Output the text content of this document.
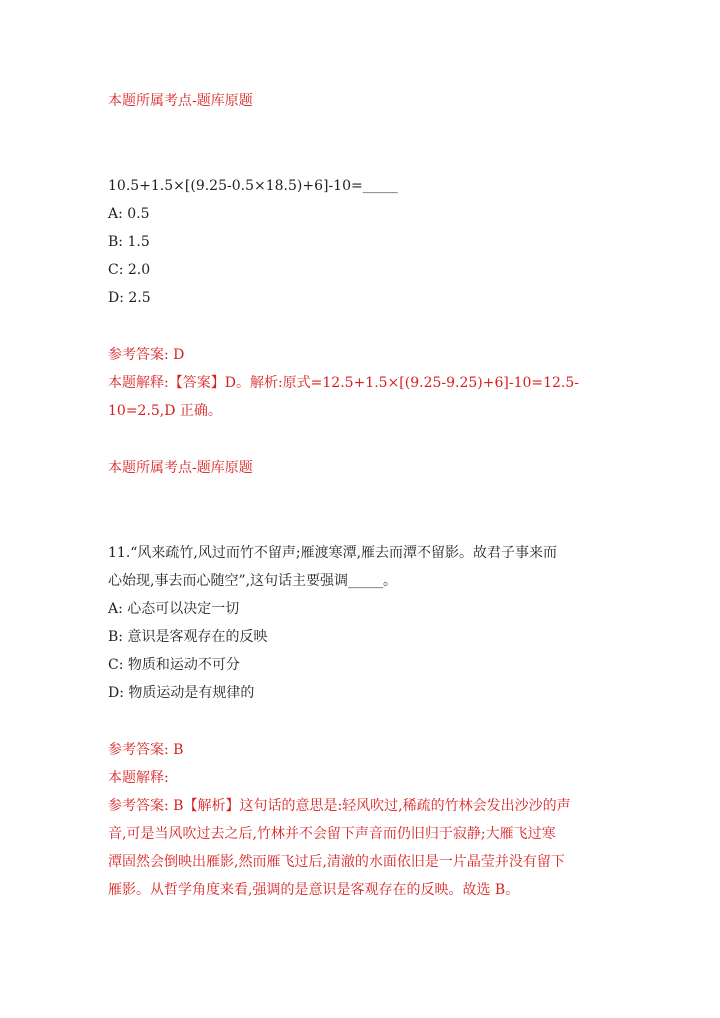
本题所属考点-题库原题
10.5+1.5×[(9.25-0.5×18.5)+6]-10=_____
A: 0.5
B: 1.5
C: 2.0
D: 2.5
参考答案: D
本题解释:【答案】D。解析:原式=12.5+1.5×[(9.25-9.25)+6]-10=12.5-
10=2.5,D 正确。
本题所属考点-题库原题
11.“风来疏竹,风过而竹不留声;雁渡寒潭,雁去而潭不留影。故君子事来而
心始现,事去而心随空”,这句话主要强调_____。
A: 心态可以决定一切
B: 意识是客观存在的反映
C: 物质和运动不可分
D: 物质运动是有规律的
参考答案: B
本题解释:
参考答案: B【解析】这句话的意思是:轻风吹过,稀疏的竹林会发出沙沙的声
音,可是当风吹过去之后,竹林并不会留下声音而仍旧归于寂静;大雁飞过寒
潭固然会倒映出雁影,然而雁飞过后,清澈的水面依旧是一片晶莹并没有留下
雁影。从哲学角度来看,强调的是意识是客观存在的反映。故选 B。
